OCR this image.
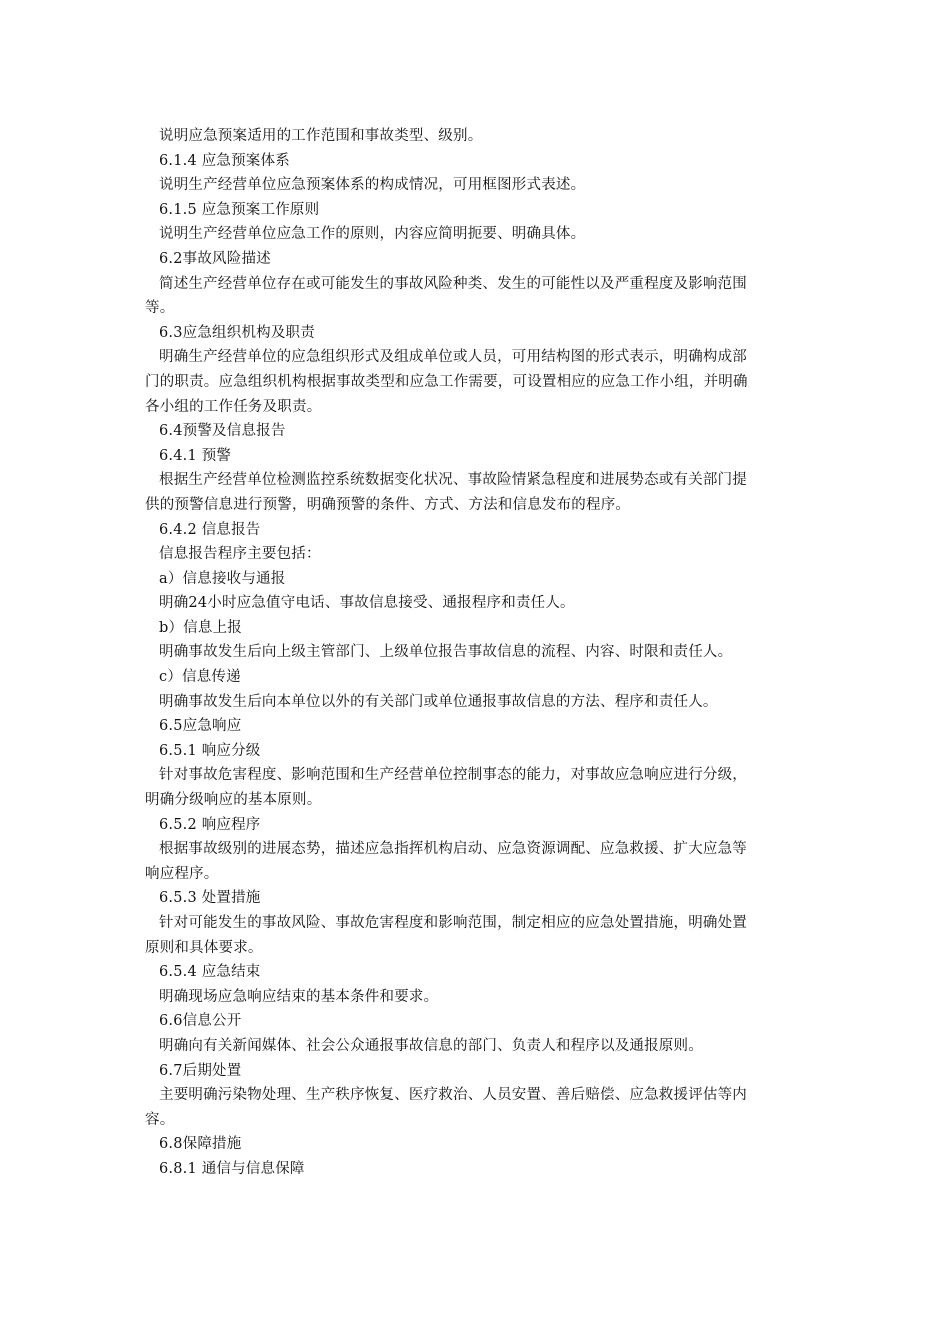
说明应急预案适用的工作范围和事故类型、级别。
6.1.4 应急预案体系
说明生产经营单位应急预案体系的构成情况，可用框图形式表述。
6.1.5 应急预案工作原则
说明生产经营单位应急工作的原则，内容应简明扼要、明确具体。
6.2事故风险描述
简述生产经营单位存在或可能发生的事故风险种类、发生的可能性以及严重程度及影响范围
等。
6.3应急组织机构及职责
明确生产经营单位的应急组织形式及组成单位或人员，可用结构图的形式表示，明确构成部
门的职责。应急组织机构根据事故类型和应急工作需要，可设置相应的应急工作小组，并明确
各小组的工作任务及职责。
6.4预警及信息报告
6.4.1 预警
根据生产经营单位检测监控系统数据变化状况、事故险情紧急程度和进展势态或有关部门提
供的预警信息进行预警，明确预警的条件、方式、方法和信息发布的程序。
6.4.2 信息报告
信息报告程序主要包括：
a）信息接收与通报
明确24小时应急值守电话、事故信息接受、通报程序和责任人。
b）信息上报
明确事故发生后向上级主管部门、上级单位报告事故信息的流程、内容、时限和责任人。
c）信息传递
明确事故发生后向本单位以外的有关部门或单位通报事故信息的方法、程序和责任人。
6.5应急响应
6.5.1 响应分级
针对事故危害程度、影响范围和生产经营单位控制事态的能力，对事故应急响应进行分级，
明确分级响应的基本原则。
6.5.2 响应程序
根据事故级别的进展态势，描述应急指挥机构启动、应急资源调配、应急救援、扩大应急等
响应程序。
6.5.3 处置措施
针对可能发生的事故风险、事故危害程度和影响范围，制定相应的应急处置措施，明确处置
原则和具体要求。
6.5.4 应急结束
明确现场应急响应结束的基本条件和要求。
6.6信息公开
明确向有关新闻媒体、社会公众通报事故信息的部门、负责人和程序以及通报原则。
6.7后期处置
主要明确污染物处理、生产秩序恢复、医疗救治、人员安置、善后赔偿、应急救援评估等内
容。
6.8保障措施
6.8.1 通信与信息保障
